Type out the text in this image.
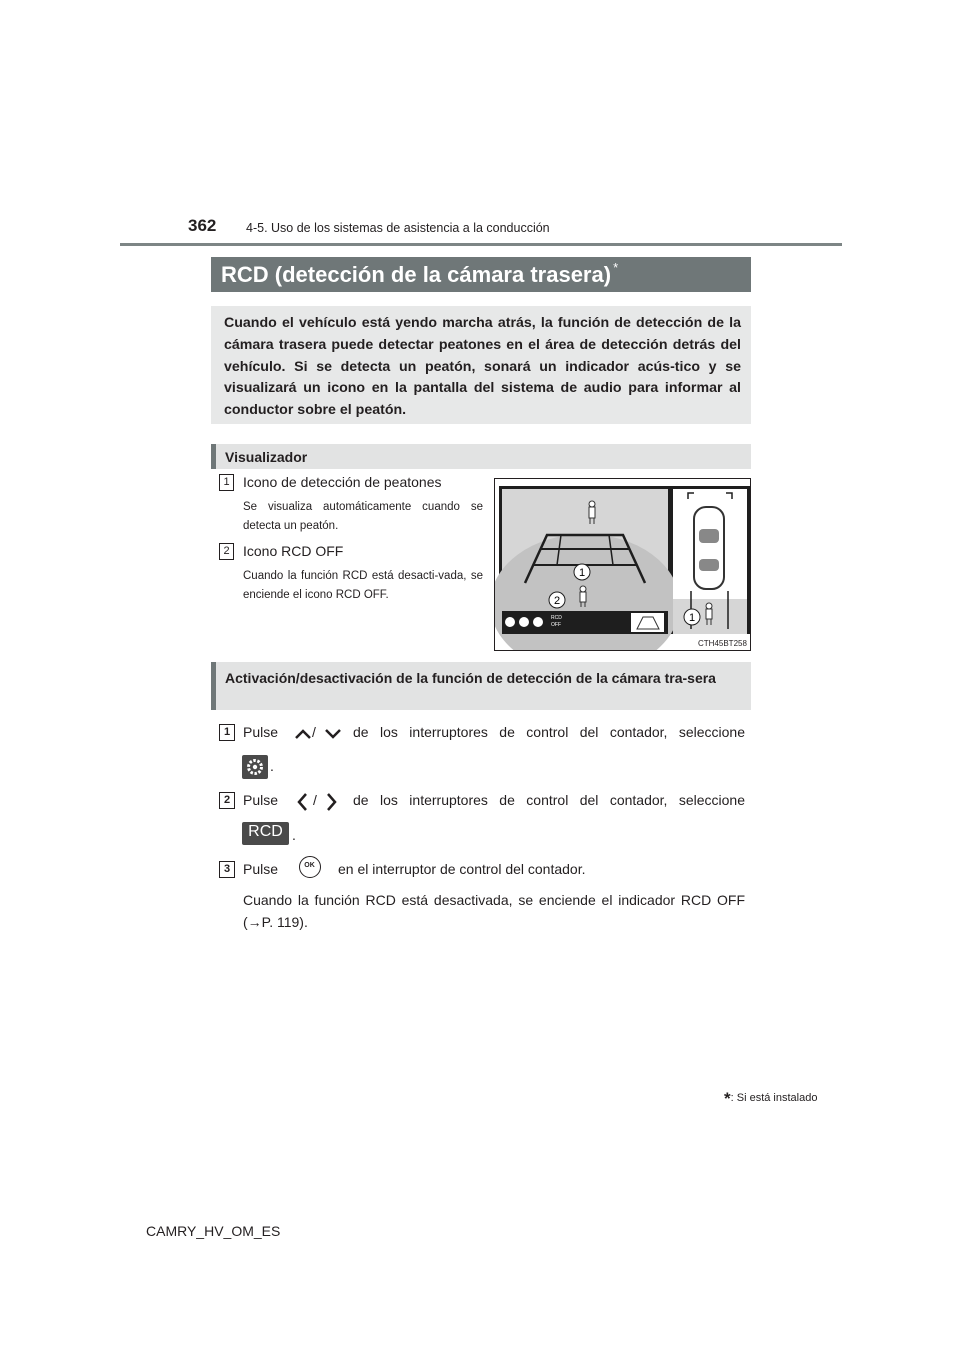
362 4-5. Uso de los sistemas de asistencia a la conducción
RCD (detección de la cámara trasera) *
Cuando el vehículo está yendo marcha atrás, la función de detección de la cámara trasera puede detectar peatones en el área de detección detrás del vehículo. Si se detecta un peatón, sonará un indicador acús-tico y se visualizará un icono en la pantalla del sistema de audio para informar al conductor sobre el peatón.
Visualizador
1 Icono de detección de peatones
Se visualiza automáticamente cuando se detecta un peatón.
2 Icono RCD OFF
Cuando la función RCD está desacti-vada, se enciende el icono RCD OFF.
RCD
OFF
1
2
1
CTH45BT258
Activación/desactivación de la función de detección de la cámara tra-sera
1 Pulse /	de los interruptores de control del contador, seleccione
.
2 Pulse /	de los interruptores de control del contador, seleccione
RCD .
3 Pulse	OK	en el interruptor de control del contador.
Cuando la función RCD está desactivada, se enciende el indicador RCD OFF (→P. 119).
*: Si está instalado
CAMRY_HV_OM_ES
